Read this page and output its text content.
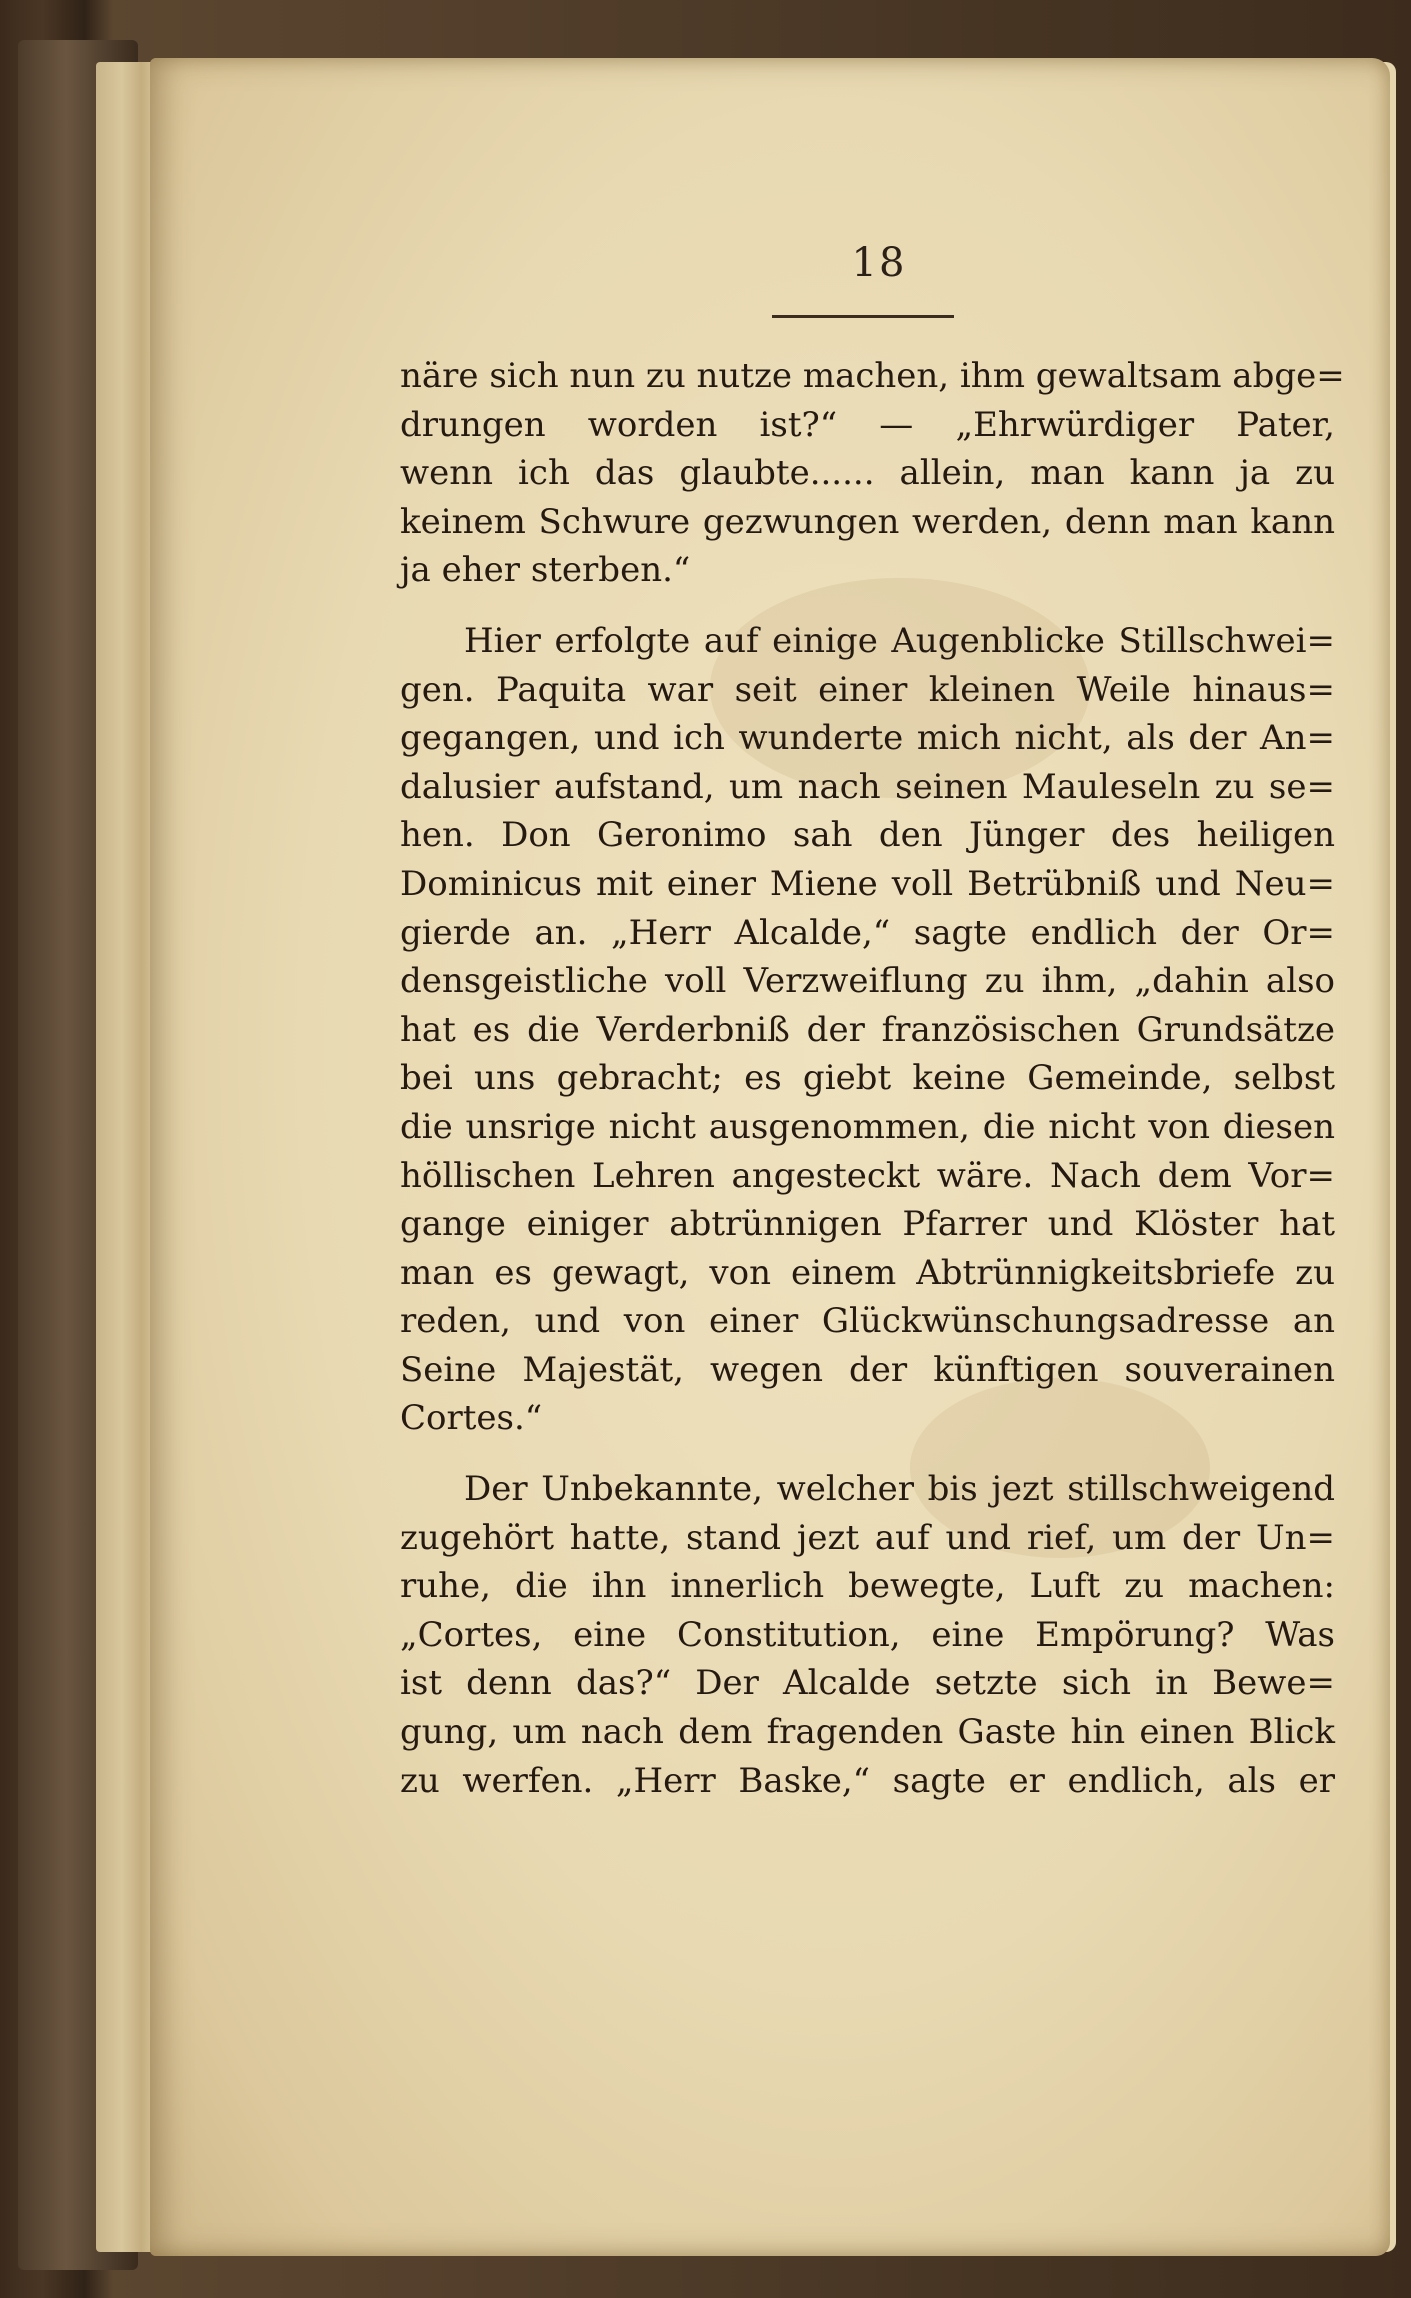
18
näre sich nun zu nutze machen, ihm gewaltsam abge=
drungen worden ist?“ — „Ehrwürdiger Pater,
wenn ich das glaubte...... allein, man kann ja zu
keinem Schwure gezwungen werden, denn man kann
ja eher sterben.“
Hier erfolgte auf einige Augenblicke Stillschwei=
gen. Paquita war seit einer kleinen Weile hinaus=
gegangen, und ich wunderte mich nicht, als der An=
dalusier aufstand, um nach seinen Mauleseln zu se=
hen. Don Geronimo sah den Jünger des heiligen
Dominicus mit einer Miene voll Betrübniß und Neu=
gierde an. „Herr Alcalde,“ sagte endlich der Or=
densgeistliche voll Verzweiflung zu ihm, „dahin also
hat es die Verderbniß der französischen Grundsätze
bei uns gebracht; es giebt keine Gemeinde, selbst
die unsrige nicht ausgenommen, die nicht von diesen
höllischen Lehren angesteckt wäre. Nach dem Vor=
gange einiger abtrünnigen Pfarrer und Klöster hat
man es gewagt, von einem Abtrünnigkeitsbriefe zu
reden, und von einer Glückwünschungsadresse an
Seine Majestät, wegen der künftigen souverainen
Cortes.“
Der Unbekannte, welcher bis jezt stillschweigend
zugehört hatte, stand jezt auf und rief, um der Un=
ruhe, die ihn innerlich bewegte, Luft zu machen:
„Cortes, eine Constitution, eine Empörung? Was
ist denn das?“ Der Alcalde setzte sich in Bewe=
gung, um nach dem fragenden Gaste hin einen Blick
zu werfen. „Herr Baske,“ sagte er endlich, als er
